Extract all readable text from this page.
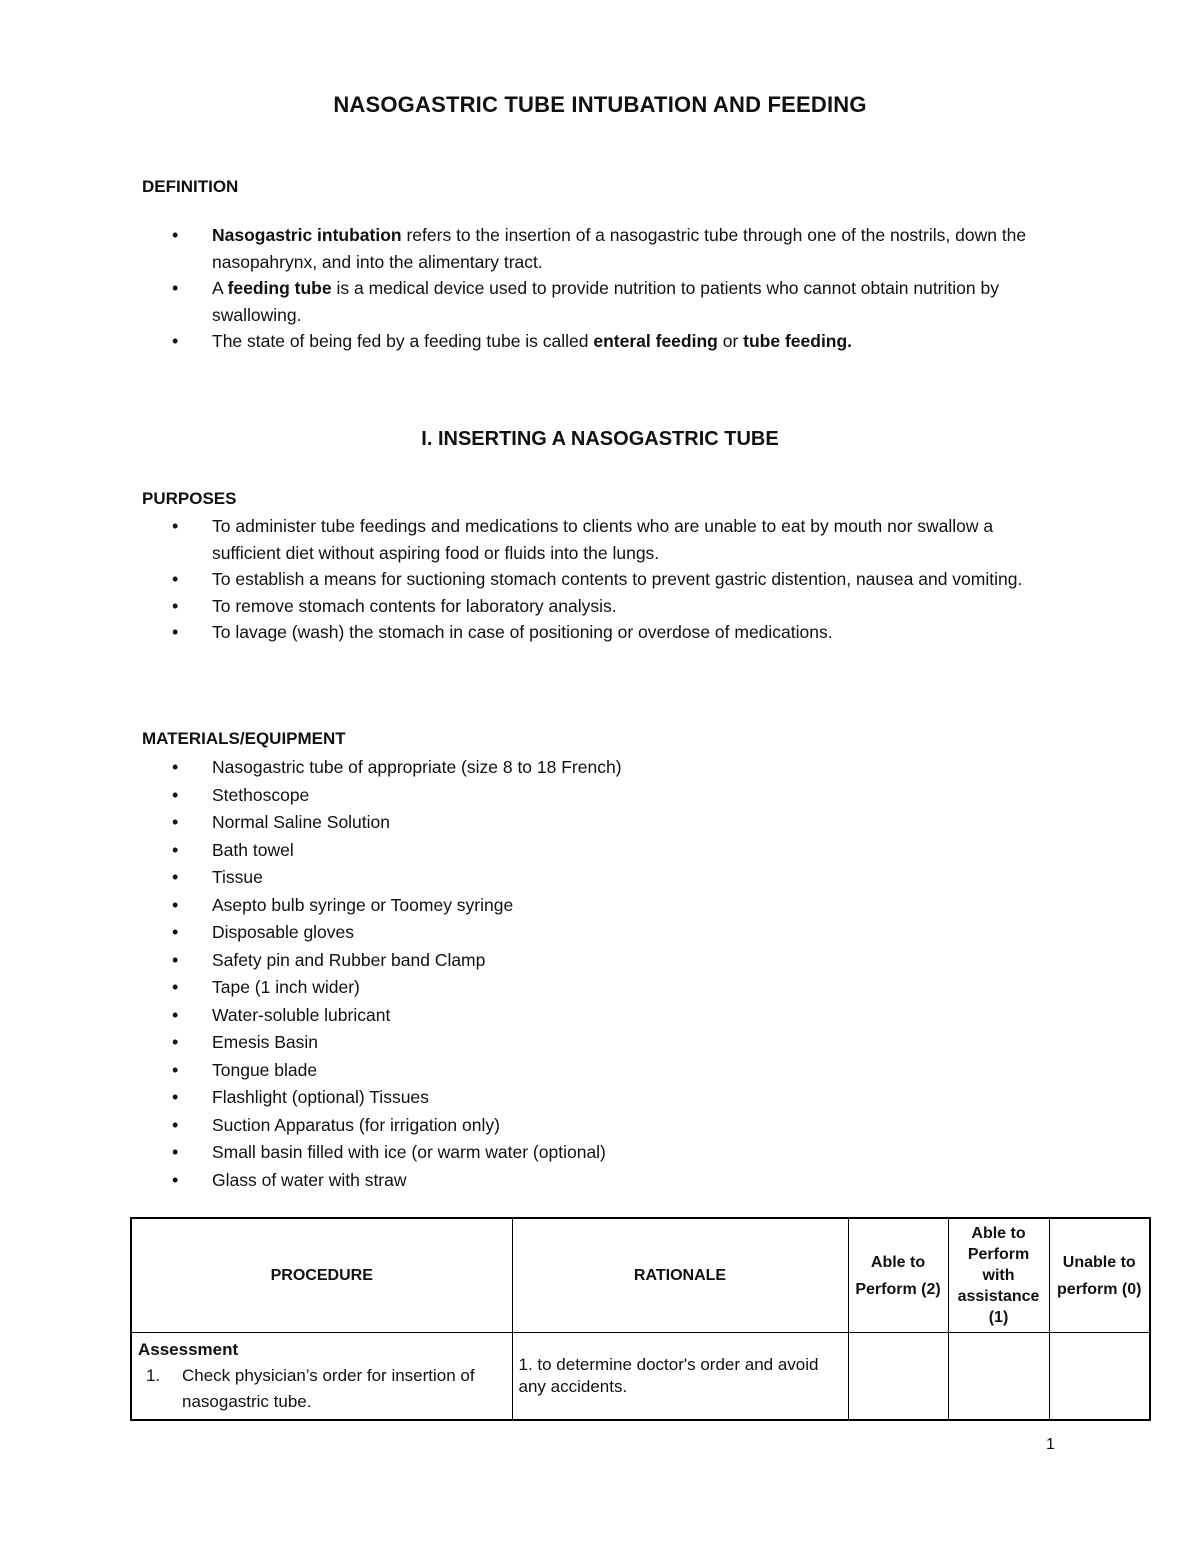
NASOGASTRIC TUBE INTUBATION AND FEEDING
DEFINITION
• Nasogastric intubation refers to the insertion of a nasogastric tube through one of the nostrils, down the nasopahrynx, and into the alimentary tract.
• A feeding tube is a medical device used to provide nutrition to patients who cannot obtain nutrition by swallowing.
• The state of being fed by a feeding tube is called enteral feeding or tube feeding.
I. INSERTING A NASOGASTRIC TUBE
PURPOSES
• To administer tube feedings and medications to clients who are unable to eat by mouth nor swallow a sufficient diet without aspiring food or fluids into the lungs.
• To establish a means for suctioning stomach contents to prevent gastric distention, nausea and vomiting.
• To remove stomach contents for laboratory analysis.
• To lavage (wash) the stomach in case of positioning or overdose of medications.
MATERIALS/EQUIPMENT
• Nasogastric tube of appropriate (size 8 to 18 French)
• Stethoscope
• Normal Saline Solution
• Bath towel
• Tissue
• Asepto bulb syringe or Toomey syringe
• Disposable gloves
• Safety pin and Rubber band Clamp
• Tape (1 inch wider)
• Water-soluble lubricant
• Emesis Basin
• Tongue blade
• Flashlight (optional) Tissues
• Suction Apparatus (for irrigation only)
• Small basin filled with ice (or warm water (optional)
• Glass of water with straw
PROCEDURE	RATIONALE	Able to Perform (2)	Able to Perform with assistance (1)	Unable to perform (0)

Assessment
1. Check physician’s order for insertion of nasogastric tube.	1. to determine doctor's order and avoid any accidents.			
1
